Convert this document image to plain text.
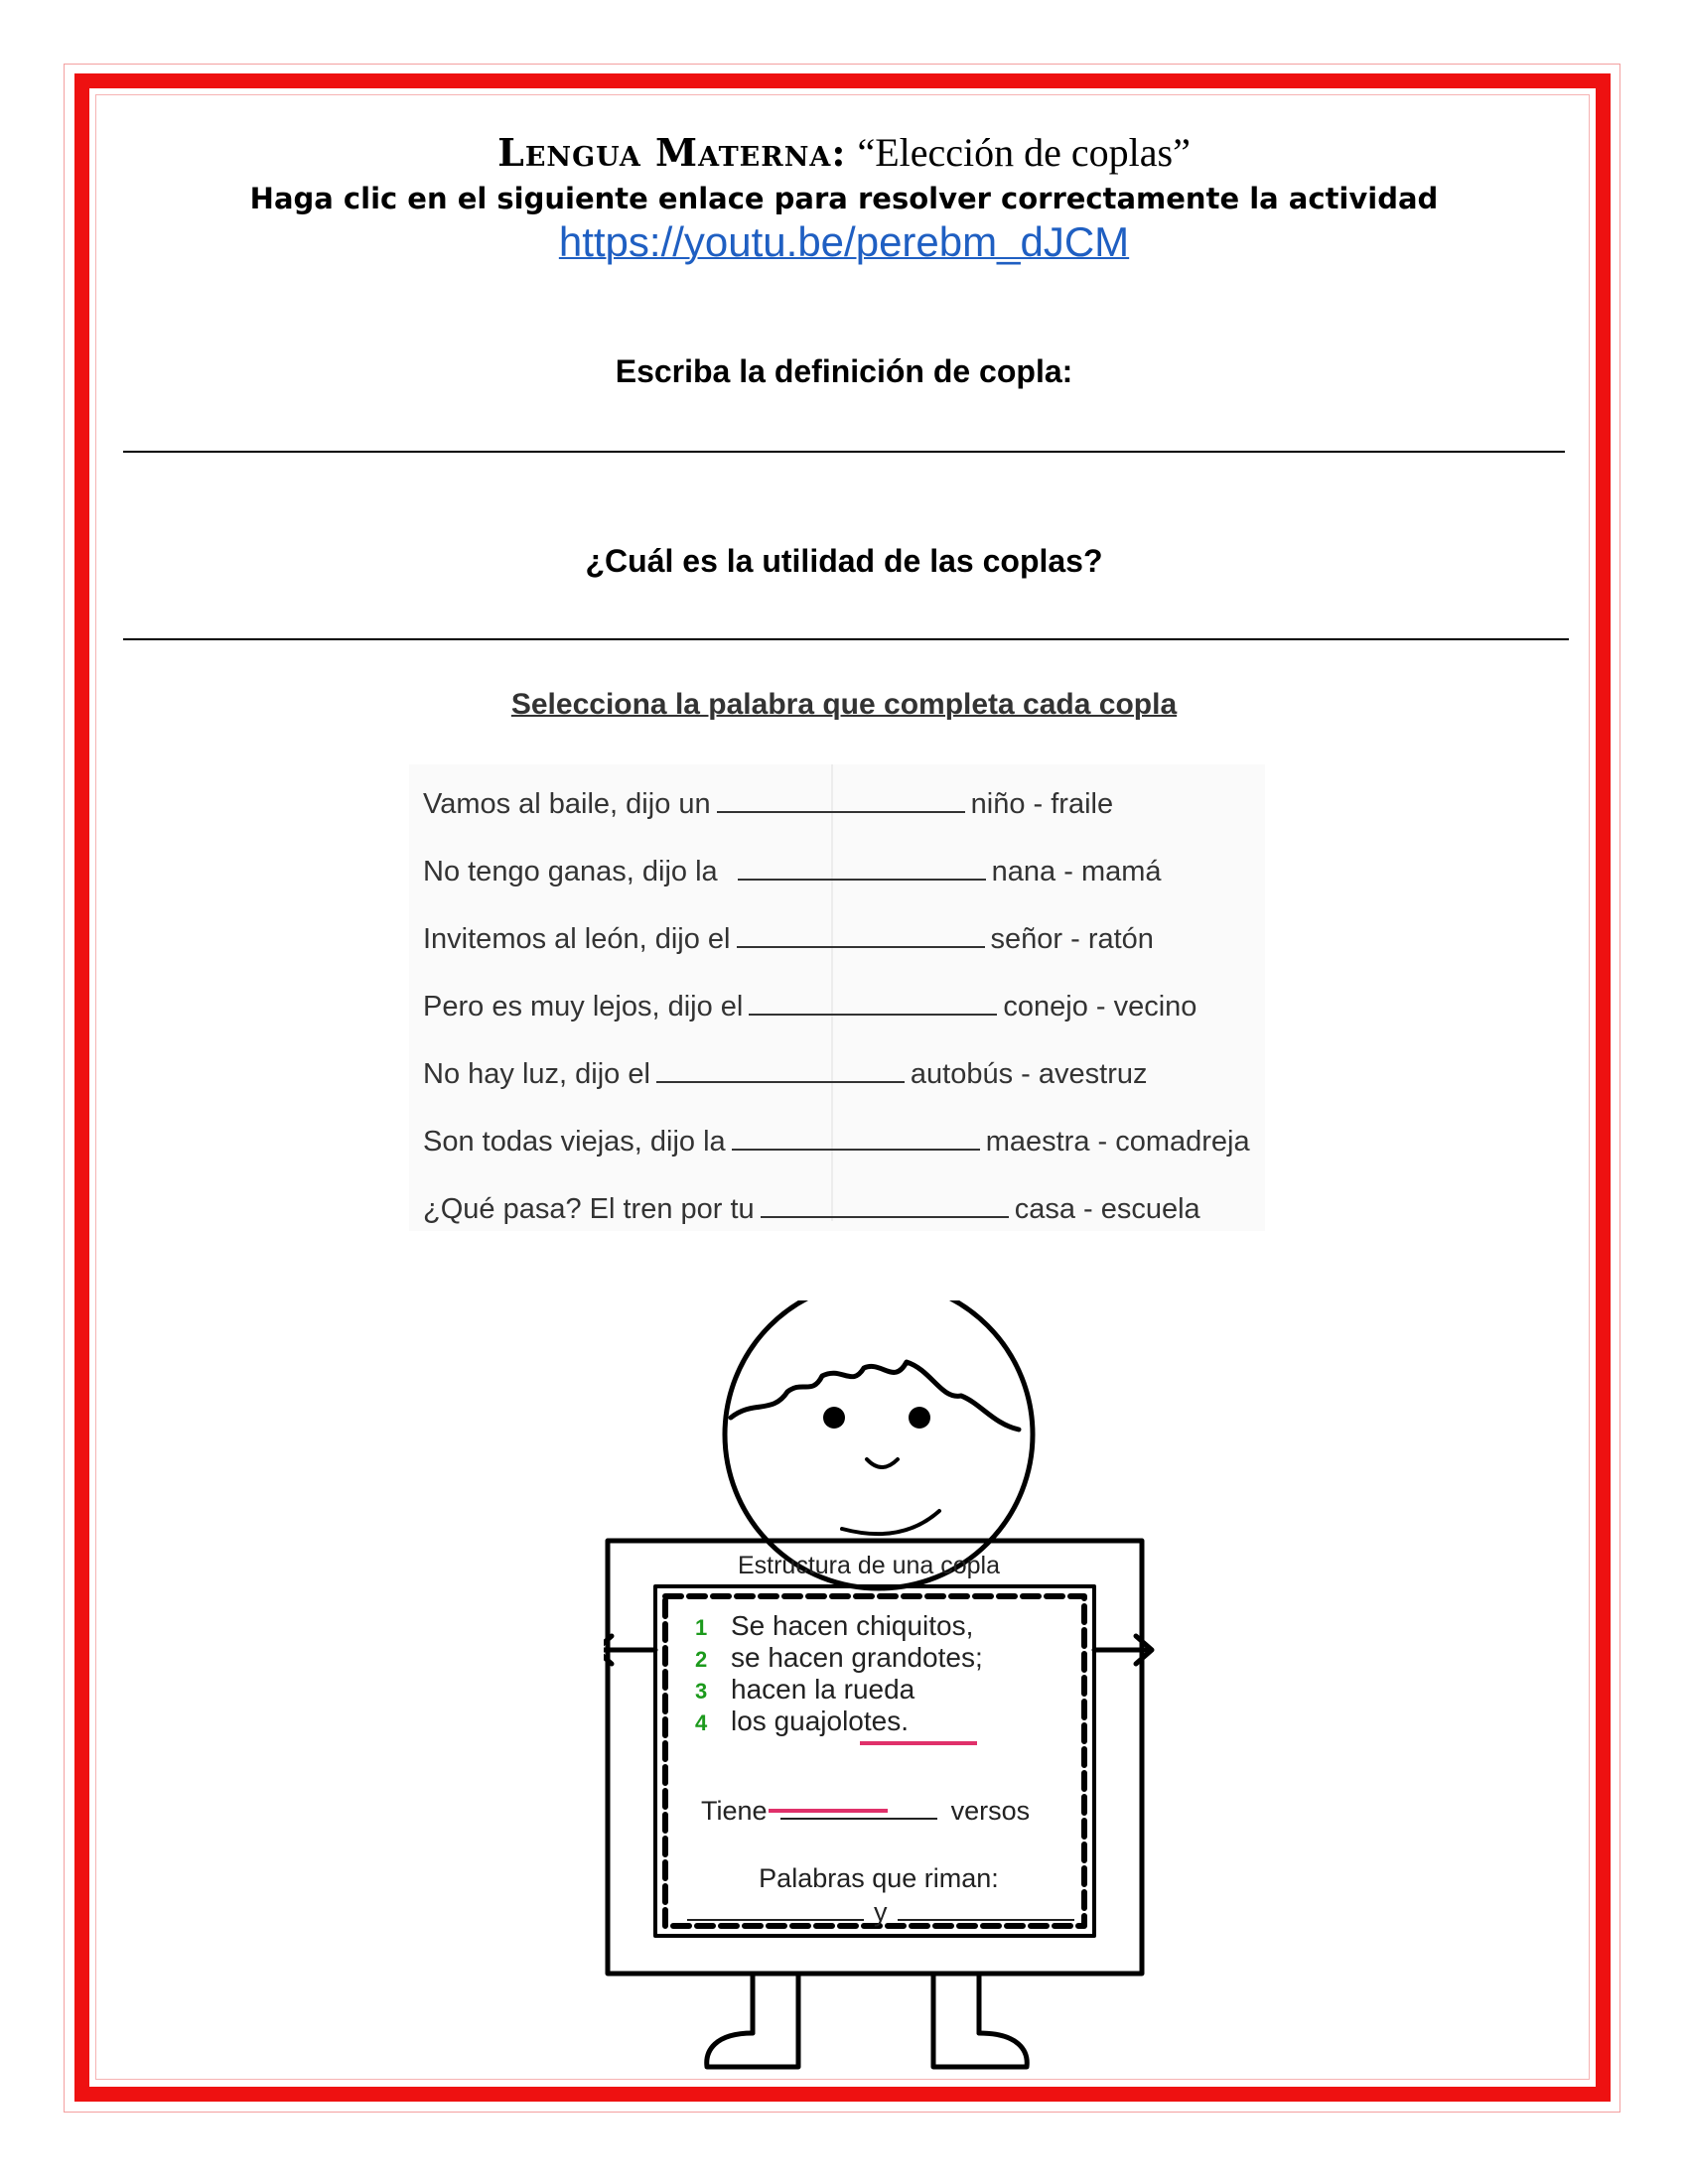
Lengua Materna: “Elección de coplas”
Haga clic en el siguiente enlace para resolver correctamente la actividad
https://youtu.be/perebm_dJCM
Escriba la definición de copla:
¿Cuál es la utilidad de las coplas?
Selecciona la palabra que completa cada copla
Vamos al baile, dijo un	niño - fraile
No tengo ganas, dijo la	nana - mamá
Invitemos al león, dijo el	señor - ratón
Pero es muy lejos, dijo el	conejo - vecino
No hay luz, dijo el	autobús - avestruz
Son todas viejas, dijo la	maestra - comadreja
¿Qué pasa? El tren por tu	casa - escuela
Estructura de una copla
1 Se hacen chiquitos,
2 se hacen grandotes;
3 hacen la rueda
4 los guajolotes.
Tiene	versos
Palabras que riman:
y
